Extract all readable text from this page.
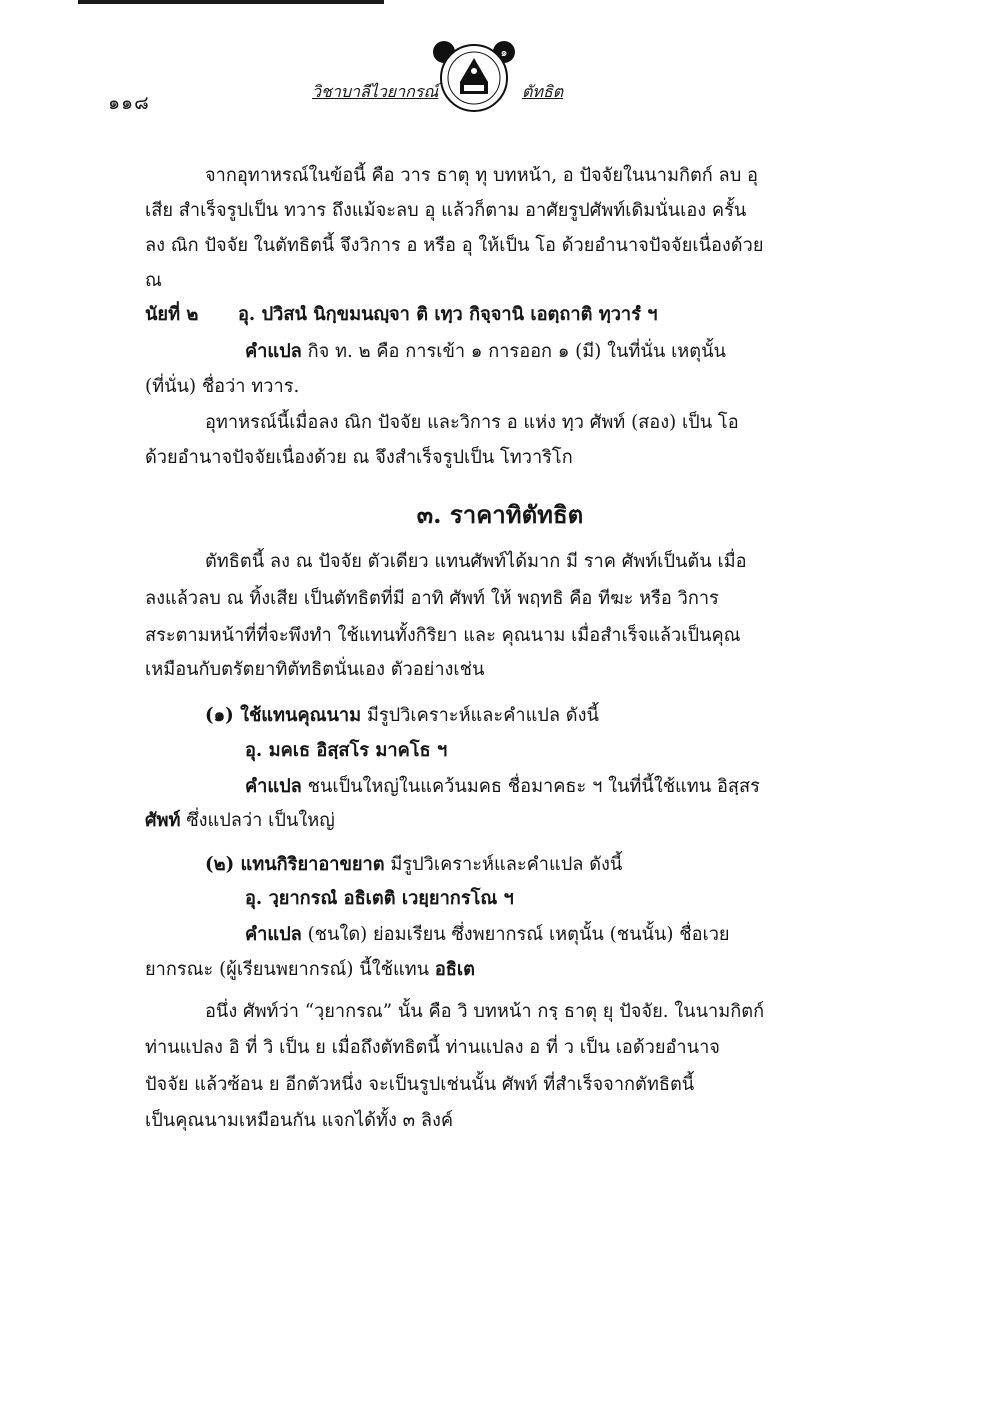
๑๑๘
วิชาบาลีไวยากรณ์	ตัทธิต
๑
จากอุทาหรณ์ในข้อนี้ คือ วาร ธาตุ ทุ บทหน้า, อ ปัจจัยในนามกิตก์ ลบ อุ
เสีย สำเร็จรูปเป็น ทวาร ถึงแม้จะลบ อุ แล้วก็ตาม อาศัยรูปศัพท์เดิมนั่นเอง ครั้น
ลง ณิก ปัจจัย ในตัทธิตนี้ จึงวิการ อ หรือ อุ ให้เป็น โอ ด้วยอำนาจปัจจัยเนื่องด้วย
ณ
นัยที่ ๒ อุ. ปวิสนํ นิกฺขมนญฺจา ติ เทฺว กิจฺจานิ เอตฺถาติ ทฺวารํ ฯ
คำแปล กิจ ท. ๒ คือ การเข้า ๑ การออก ๑ (มี) ในที่นั่น เหตุนั้น
(ที่นั่น) ชื่อว่า ทวาร.
อุทาหรณ์นี้เมื่อลง ณิก ปัจจัย และวิการ อ แห่ง ทฺว ศัพท์ (สอง) เป็น โอ
ด้วยอำนาจปัจจัยเนื่องด้วย ณ จึงสำเร็จรูปเป็น โทวาริโก
๓. ราคาทิตัทธิต
ตัทธิตนี้ ลง ณ ปัจจัย ตัวเดียว แทนศัพท์ได้มาก มี ราค ศัพท์เป็นต้น เมื่อ
ลงแล้วลบ ณ ทิ้งเสีย เป็นตัทธิตที่มี อาทิ ศัพท์ ให้ พฤทธิ คือ ทีฆะ หรือ วิการ
สระตามหน้าที่ที่จะพึงทำ ใช้แทนทั้งกิริยา และ คุณนาม เมื่อสำเร็จแล้วเป็นคุณ
เหมือนกับตรัตยาทิตัทธิตนั่นเอง ตัวอย่างเช่น
(๑) ใช้แทนคุณนาม มีรูปวิเคราะห์และคำแปล ดังนี้
อุ. มคเธ อิสฺสโร มาคโธ ฯ
คำแปล ชนเป็นใหญ่ในแคว้นมคธ ชื่อมาคธะ ฯ ในที่นี้ใช้แทน อิสฺสร
ศัพท์ ซึ่งแปลว่า เป็นใหญ่
(๒) แทนกิริยาอาขยาต มีรูปวิเคราะห์และคำแปล ดังนี้
อุ. วฺยากรณํ อธิเตติ เวยฺยากรโณ ฯ
คำแปล (ชนใด) ย่อมเรียน ซึ่งพยากรณ์ เหตุนั้น (ชนนั้น) ชื่อเวย
ยากรณะ (ผู้เรียนพยากรณ์) นี้ใช้แทน อธิเต
อนึ่ง ศัพท์ว่า “วฺยากรณ” นั้น คือ วิ บทหน้า กรฺ ธาตุ ยุ ปัจจัย. ในนามกิตก์
ท่านแปลง อิ ที่ วิ เป็น ย เมื่อถึงตัทธิตนี้ ท่านแปลง อ ที่ ว เป็น เอด้วยอำนาจ
ปัจจัย แล้วซ้อน ย อีกตัวหนึ่ง จะเป็นรูปเช่นนั้น ศัพท์ ที่สำเร็จจากตัทธิตนี้
เป็นคุณนามเหมือนกัน แจกได้ทั้ง ๓ ลิงค์
